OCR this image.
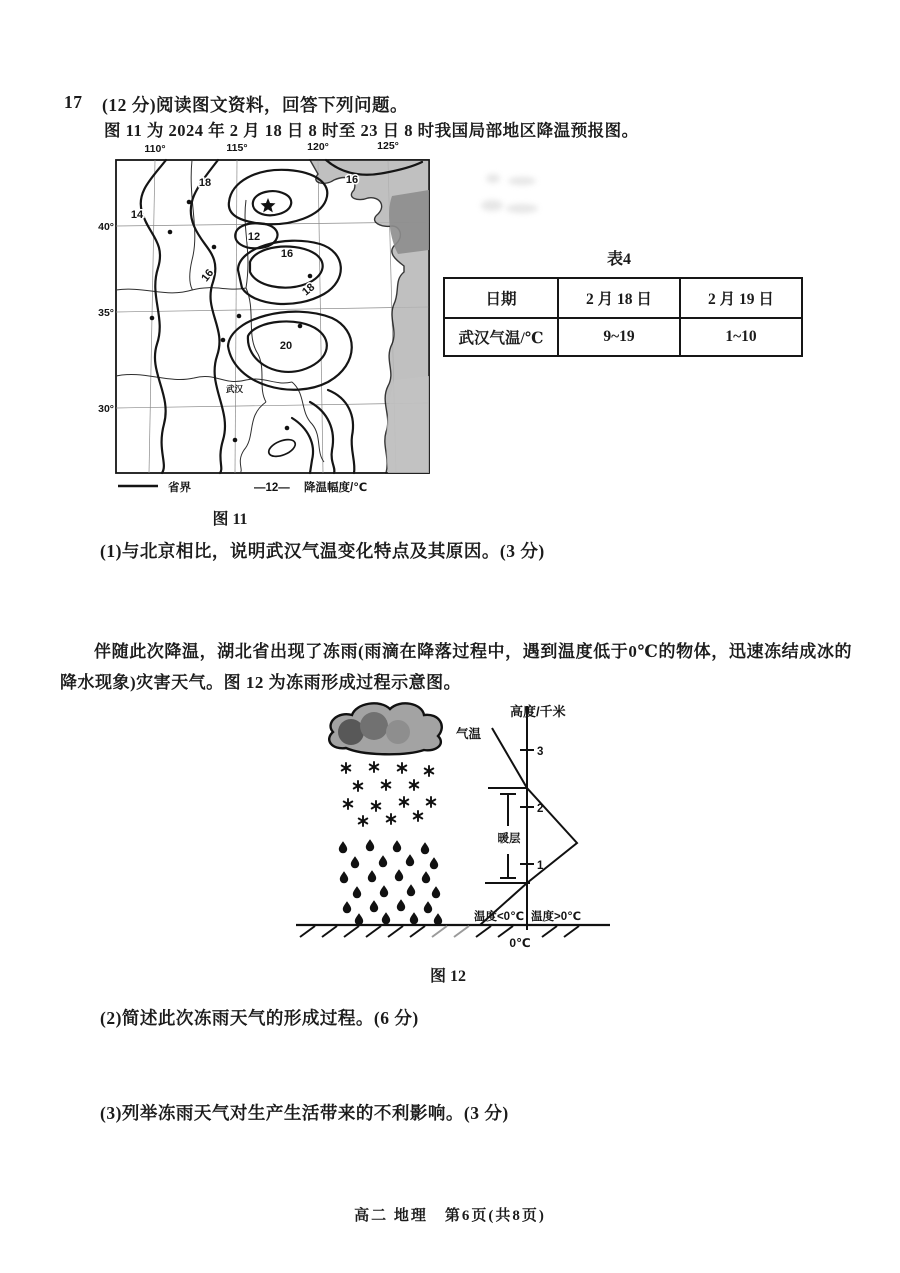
17 (12 分)阅读图文资料，回答下列问题。
图 11 为 2024 年 2 月 18 日 8 时至 23 日 8 时我国局部地区降温预报图。
110°	115°	120°	125°
40°
35°
30°
18
14
16
12
16
16
18
20
武汉
省界	—12— 降温幅度/℃
表4
日期	2 月 18 日	2 月 19 日
武汉气温/℃	9~19	1~10
图 11
(1)与北京相比，说明武汉气温变化特点及其原因。(3 分)
伴随此次降温，湖北省出现了冻雨(雨滴在降落过程中，遇到温度低于0℃的物体，迅速冻结成冰的降水现象)灾害天气。图 12 为冻雨形成过程示意图。
高度/千米
3
2
1
气温
暖层
温度<0℃ 温度>0℃
0℃
图 12
(2)简述此次冻雨天气的形成过程。(6 分)
(3)列举冻雨天气对生产生活带来的不利影响。(3 分)
高二 地理　第6页(共8页)
